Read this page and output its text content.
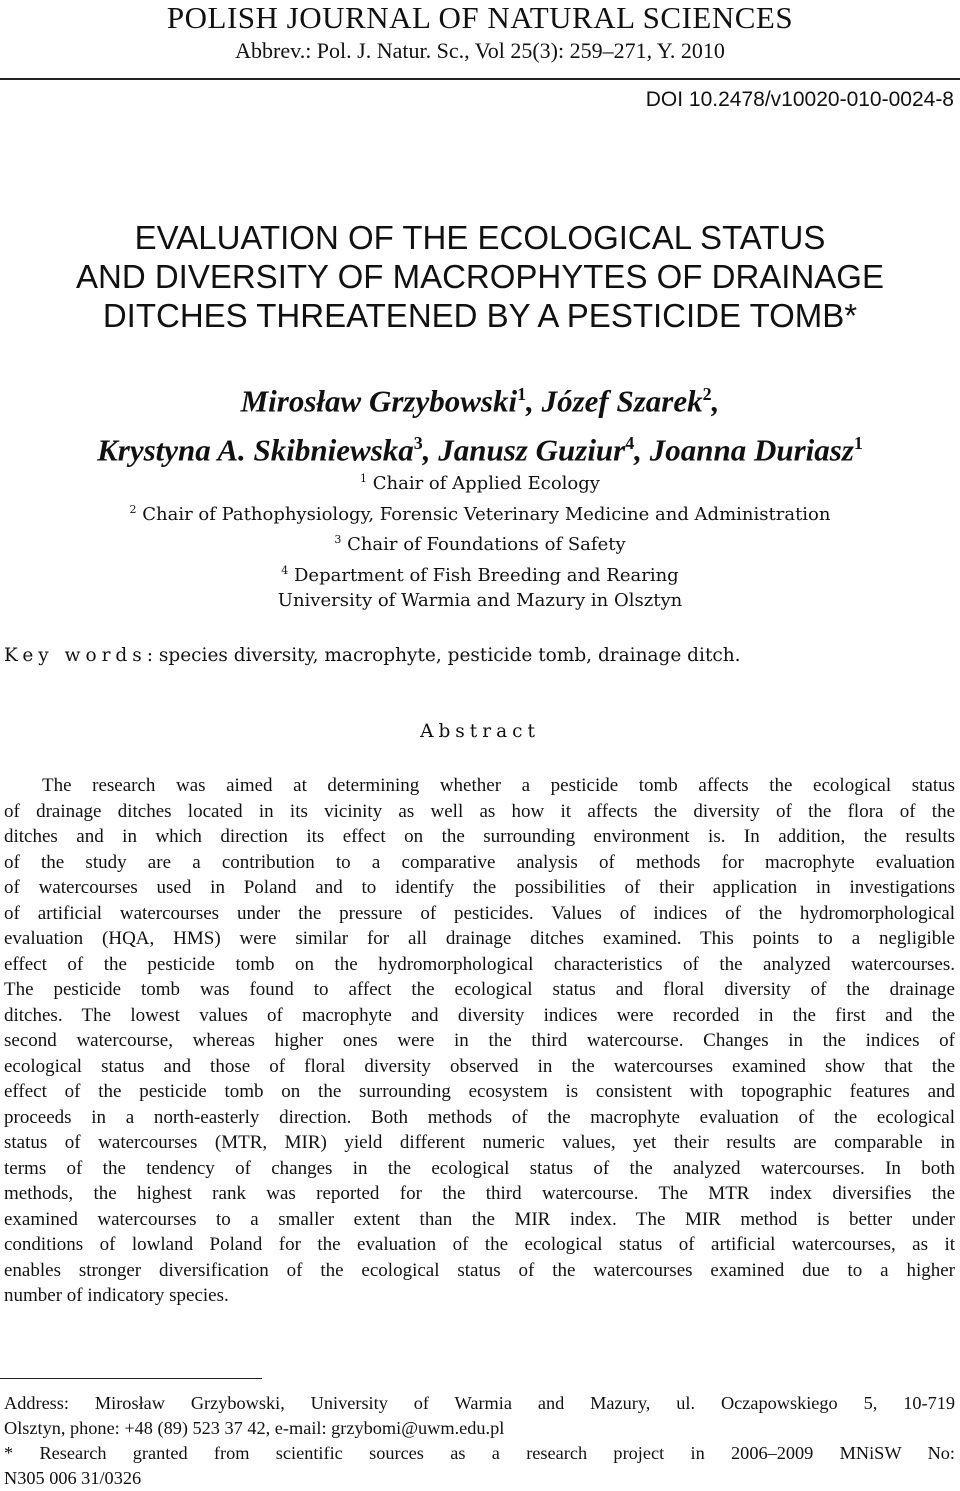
POLISH JOURNAL OF NATURAL SCIENCES
Abbrev.: Pol. J. Natur. Sc., Vol 25(3): 259–271, Y. 2010
DOI 10.2478/v10020-010-0024-8
EVALUATION OF THE ECOLOGICAL STATUS
AND DIVERSITY OF MACROPHYTES OF DRAINAGE
DITCHES THREATENED BY A PESTICIDE TOMB*
Mirosław Grzybowski$^1$, Józef Szarek$^2$,
Krystyna A. Skibniewska$^3$, Janusz Guziur$^4$, Joanna Duriasz$^1$
$^1$ Chair of Applied Ecology
$^2$ Chair of Pathophysiology, Forensic Veterinary Medicine and Administration
$^3$ Chair of Foundations of Safety
$^4$ Department of Fish Breeding and Rearing
University of Warmia and Mazury in Olsztyn
Key words: species diversity, macrophyte, pesticide tomb, drainage ditch.
Abstract
The research was aimed at determining whether a pesticide tomb affects the ecological status
of drainage ditches located in its vicinity as well as how it affects the diversity of the flora of the
ditches and in which direction its effect on the surrounding environment is. In addition, the results
of the study are a contribution to a comparative analysis of methods for macrophyte evaluation
of watercourses used in Poland and to identify the possibilities of their application in investigations
of artificial watercourses under the pressure of pesticides. Values of indices of the hydromorphological
evaluation (HQA, HMS) were similar for all drainage ditches examined. This points to a negligible
effect of the pesticide tomb on the hydromorphological characteristics of the analyzed watercourses.
The pesticide tomb was found to affect the ecological status and floral diversity of the drainage
ditches. The lowest values of macrophyte and diversity indices were recorded in the first and the
second watercourse, whereas higher ones were in the third watercourse. Changes in the indices of
ecological status and those of floral diversity observed in the watercourses examined show that the
effect of the pesticide tomb on the surrounding ecosystem is consistent with topographic features and
proceeds in a north-easterly direction. Both methods of the macrophyte evaluation of the ecological
status of watercourses (MTR, MIR) yield different numeric values, yet their results are comparable in
terms of the tendency of changes in the ecological status of the analyzed watercourses. In both
methods, the highest rank was reported for the third watercourse. The MTR index diversifies the
examined watercourses to a smaller extent than the MIR index. The MIR method is better under
conditions of lowland Poland for the evaluation of the ecological status of artificial watercourses, as it
enables stronger diversification of the ecological status of the watercourses examined due to a higher
number of indicatory species.
Address: Mirosław Grzybowski, University of Warmia and Mazury, ul. Oczapowskiego 5, 10-719
Olsztyn, phone: +48 (89) 523 37 42, e-mail: grzybomi@uwm.edu.pl
* Research granted from scientific sources as a research project in 2006–2009 MNiSW No:
N305 006 31/0326
